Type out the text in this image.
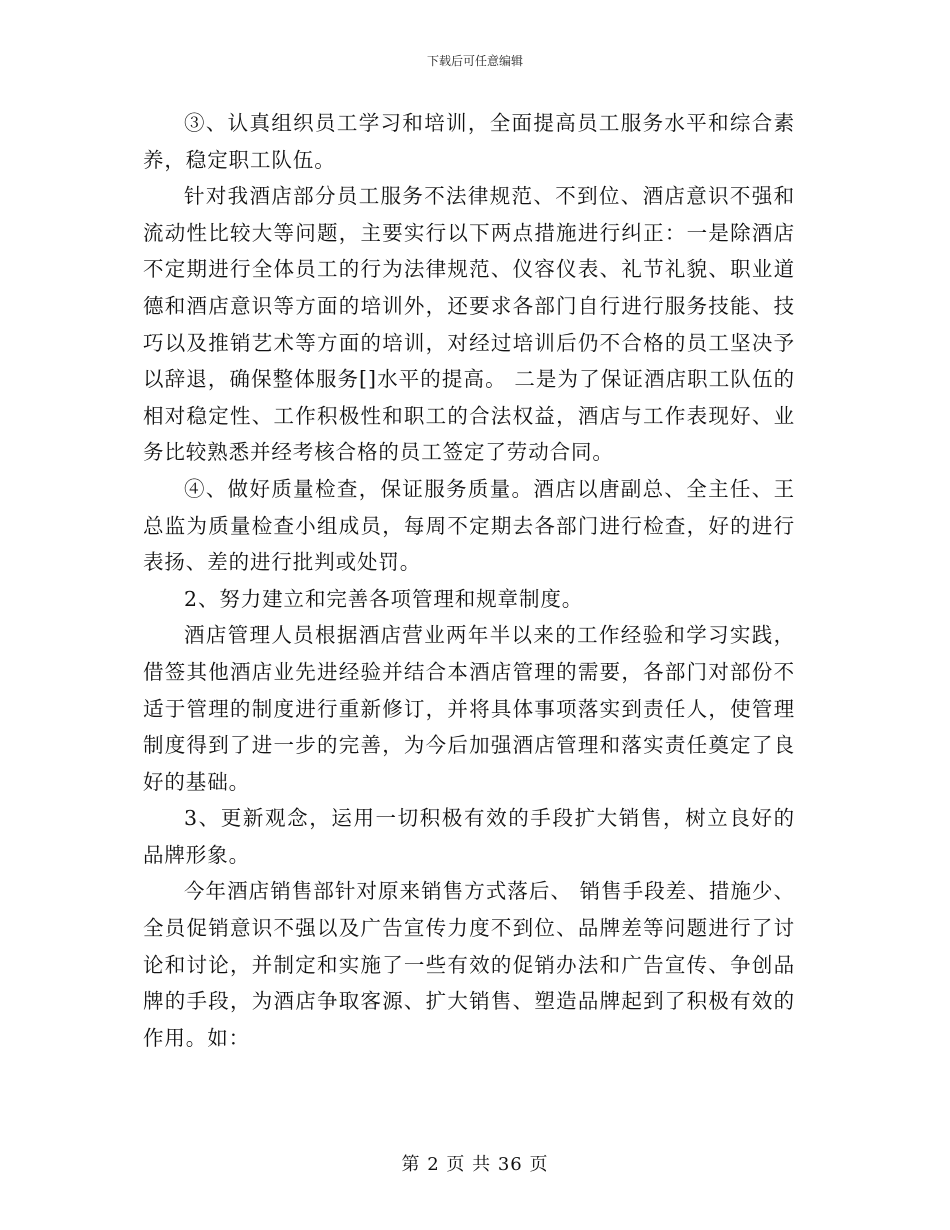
下载后可任意编辑

③、认真组织员工学习和培训，全面提高员工服务水平和综合素养，稳定职工队伍。

针对我酒店部分员工服务不法律规范、不到位、酒店意识不强和流动性比较大等问题，主要实行以下两点措施进行纠正：一是除酒店不定期进行全体员工的行为法律规范、仪容仪表、礼节礼貌、职业道德和酒店意识等方面的培训外，还要求各部门自行进行服务技能、技巧以及推销艺术等方面的培训，对经过培训后仍不合格的员工坚决予以辞退，确保整体服务[]水平的提高。 二是为了保证酒店职工队伍的相对稳定性、工作积极性和职工的合法权益，酒店与工作表现好、业务比较熟悉并经考核合格的员工签定了劳动合同。

④、做好质量检查，保证服务质量。酒店以唐副总、全主任、王总监为质量检查小组成员，每周不定期去各部门进行检查，好的进行表扬、差的进行批判或处罚。

2、努力建立和完善各项管理和规章制度。

酒店管理人员根据酒店营业两年半以来的工作经验和学习实践，借签其他酒店业先进经验并结合本酒店管理的需要，各部门对部份不适于管理的制度进行重新修订，并将具体事项落实到责任人，使管理制度得到了进一步的完善，为今后加强酒店管理和落实责任奠定了良好的基础。

3、更新观念，运用一切积极有效的手段扩大销售，树立良好的品牌形象。

今年酒店销售部针对原来销售方式落后、 销售手段差、措施少、全员促销意识不强以及广告宣传力度不到位、品牌差等问题进行了讨论和讨论，并制定和实施了一些有效的促销办法和广告宣传、争创品牌的手段，为酒店争取客源、扩大销售、塑造品牌起到了积极有效的作用。如：

第 2 页 共 36 页
